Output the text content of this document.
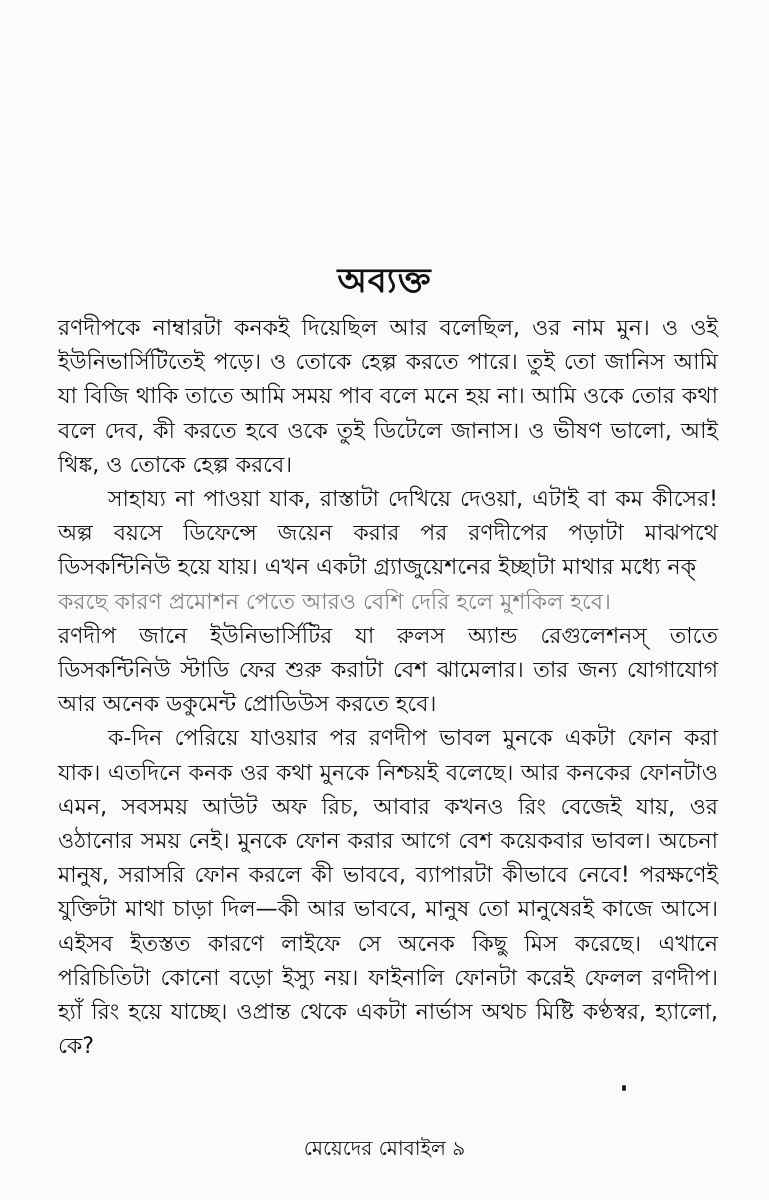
অব্যক্ত

রণদীপকে নাম্বারটা কনকই দিয়েছিল আর বলেছিল, ওর নাম মুন। ও ওই ইউনিভার্সিটিতেই পড়ে। ও তোকে হেল্প করতে পারে। তুই তো জানিস আমি যা বিজি থাকি তাতে আমি সময় পাব বলে মনে হয় না। আমি ওকে তোর কথা বলে দেব, কী করতে হবে ওকে তুই ডিটেলে জানাস। ও ভীষণ ভালো, আই থিঙ্ক, ও তোকে হেল্প করবে।

সাহায্য না পাওয়া যাক, রাস্তাটা দেখিয়ে দেওয়া, এটাই বা কম কীসের! অল্প বয়সে ডিফেন্সে জয়েন করার পর রণদীপের পড়াটা মাঝপথে ডিসকন্টিনিউ হয়ে যায়। এখন একটা গ্র্যাজুয়েশনের ইচ্ছাটা মাথার মধ্যে নক্

করছে কারণ প্রমোশন পেতে আরও বেশি দেরি হলে মুশকিল হবে।

রণদীপ জানে ইউনিভার্সিটির যা রুলস অ্যান্ড রেগুলেশনস্ তাতে ডিসকন্টিনিউ স্টাডি ফের শুরু করাটা বেশ ঝামেলার। তার জন্য যোগাযোগ আর অনেক ডকুমেন্ট প্রোডিউস করতে হবে।

ক-দিন পেরিয়ে যাওয়ার পর রণদীপ ভাবল মুনকে একটা ফোন করা যাক। এতদিনে কনক ওর কথা মুনকে নিশ্চয়ই বলেছে। আর কনকের ফোনটাও এমন, সবসময় আউট অফ রিচ, আবার কখনও রিং বেজেই যায়, ওর ওঠানোর সময় নেই। মুনকে ফোন করার আগে বেশ কয়েকবার ভাবল। অচেনা মানুষ, সরাসরি ফোন করলে কী ভাববে, ব্যাপারটা কীভাবে নেবে! পরক্ষণেই যুক্তিটা মাথা চাড়া দিল—কী আর ভাববে, মানুষ তো মানুষেরই কাজে আসে। এইসব ইতস্তত কারণে লাইফে সে অনেক কিছু মিস করেছে। এখানে পরিচিতিটা কোনো বড়ো ইস্যু নয়। ফাইনালি ফোনটা করেই ফেলল রণদীপ। হ্যাঁ রিং হয়ে যাচ্ছে। ওপ্রান্ত থেকে একটা নার্ভাস অথচ মিষ্টি কণ্ঠস্বর, হ্যালো, কে?

মেয়েদের মোবাইল ৯
